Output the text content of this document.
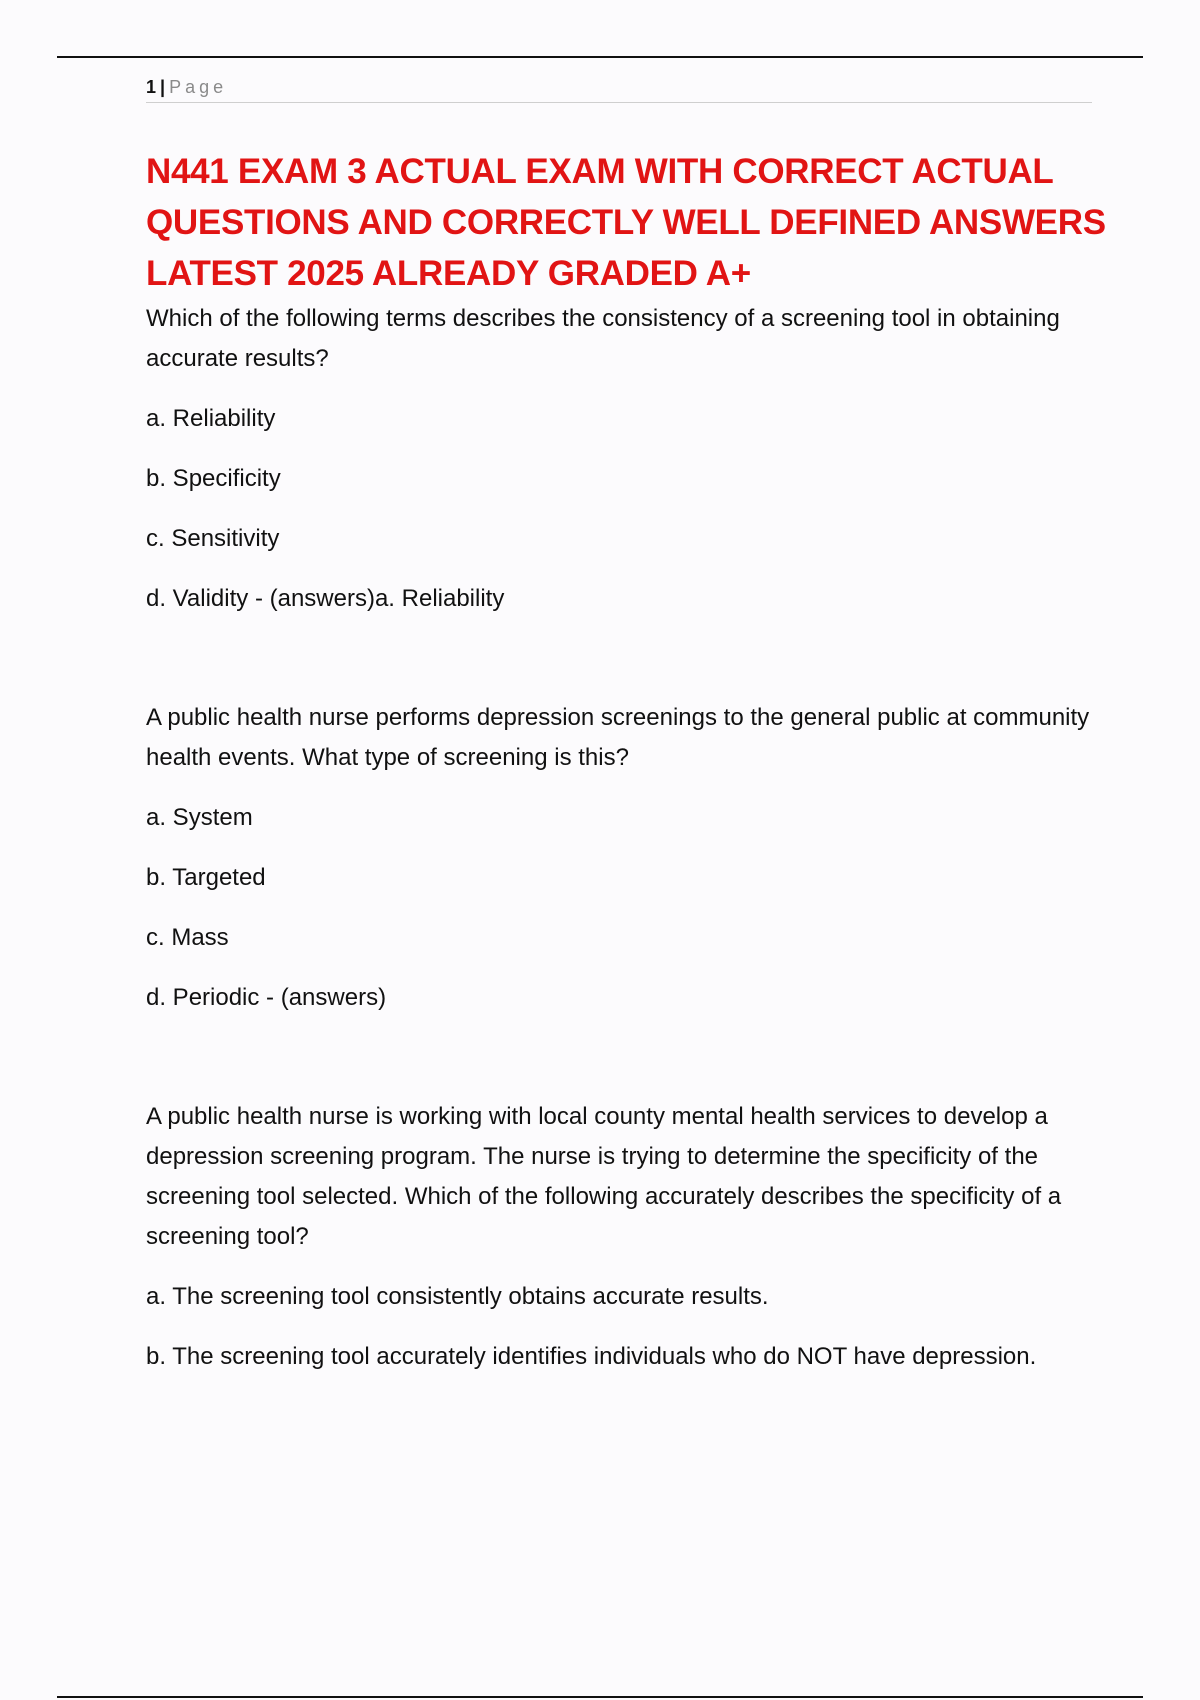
1 | Page
N441 EXAM 3 ACTUAL EXAM WITH CORRECT ACTUAL QUESTIONS AND CORRECTLY WELL DEFINED ANSWERS LATEST 2025 ALREADY GRADED A+

Which of the following terms describes the consistency of a screening tool in obtaining accurate results?

a. Reliability

b. Specificity

c. Sensitivity

d. Validity - (answers)a. Reliability

A public health nurse performs depression screenings to the general public at community health events. What type of screening is this?

a. System

b. Targeted

c. Mass

d. Periodic - (answers)

A public health nurse is working with local county mental health services to develop a depression screening program. The nurse is trying to determine the specificity of the screening tool selected. Which of the following accurately describes the specificity of a screening tool?

a. The screening tool consistently obtains accurate results.

b. The screening tool accurately identifies individuals who do NOT have depression.
